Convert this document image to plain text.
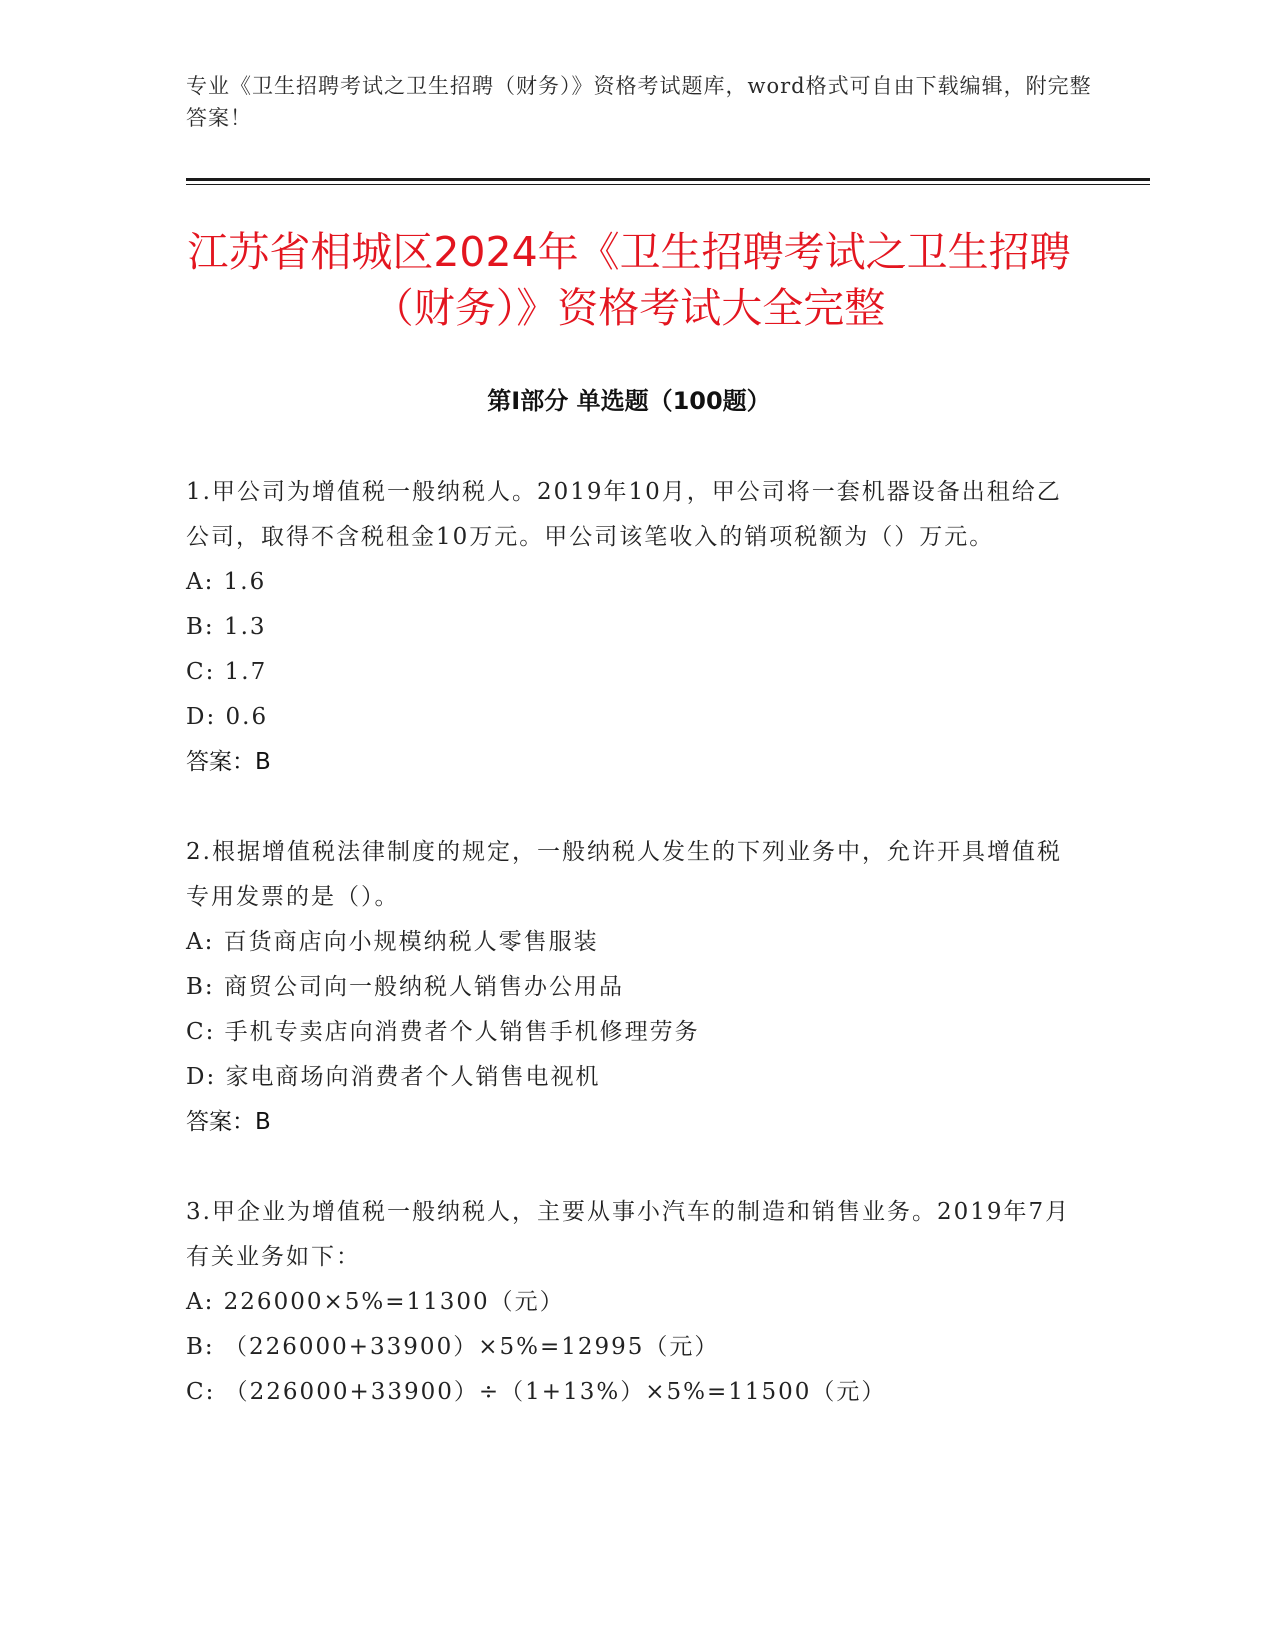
专业《卫生招聘考试之卫生招聘（财务）》资格考试题库，word格式可自由下载编辑，附完整答案！
江苏省相城区2024年《卫生招聘考试之卫生招聘（财务）》资格考试大全完整
第Ⅰ部分 单选题（100题）

1.甲公司为增值税一般纳税人。2019年10月，甲公司将一套机器设备出租给乙公司，取得不含税租金10万元。甲公司该笔收入的销项税额为（）万元。

A: 1.6
B: 1.3
C: 1.7
D: 0.6
答案：B

2.根据增值税法律制度的规定，一般纳税人发生的下列业务中，允许开具增值税专用发票的是（）。

A: 百货商店向小规模纳税人零售服装
B: 商贸公司向一般纳税人销售办公用品
C: 手机专卖店向消费者个人销售手机修理劳务
D: 家电商场向消费者个人销售电视机
答案：B

3.甲企业为增值税一般纳税人，主要从事小汽车的制造和销售业务。2019年7月有关业务如下：

A: 226000×5%=11300（元）
B: （226000+33900）×5%=12995（元）
C: （226000+33900）÷（1+13%）×5%=11500（元）
